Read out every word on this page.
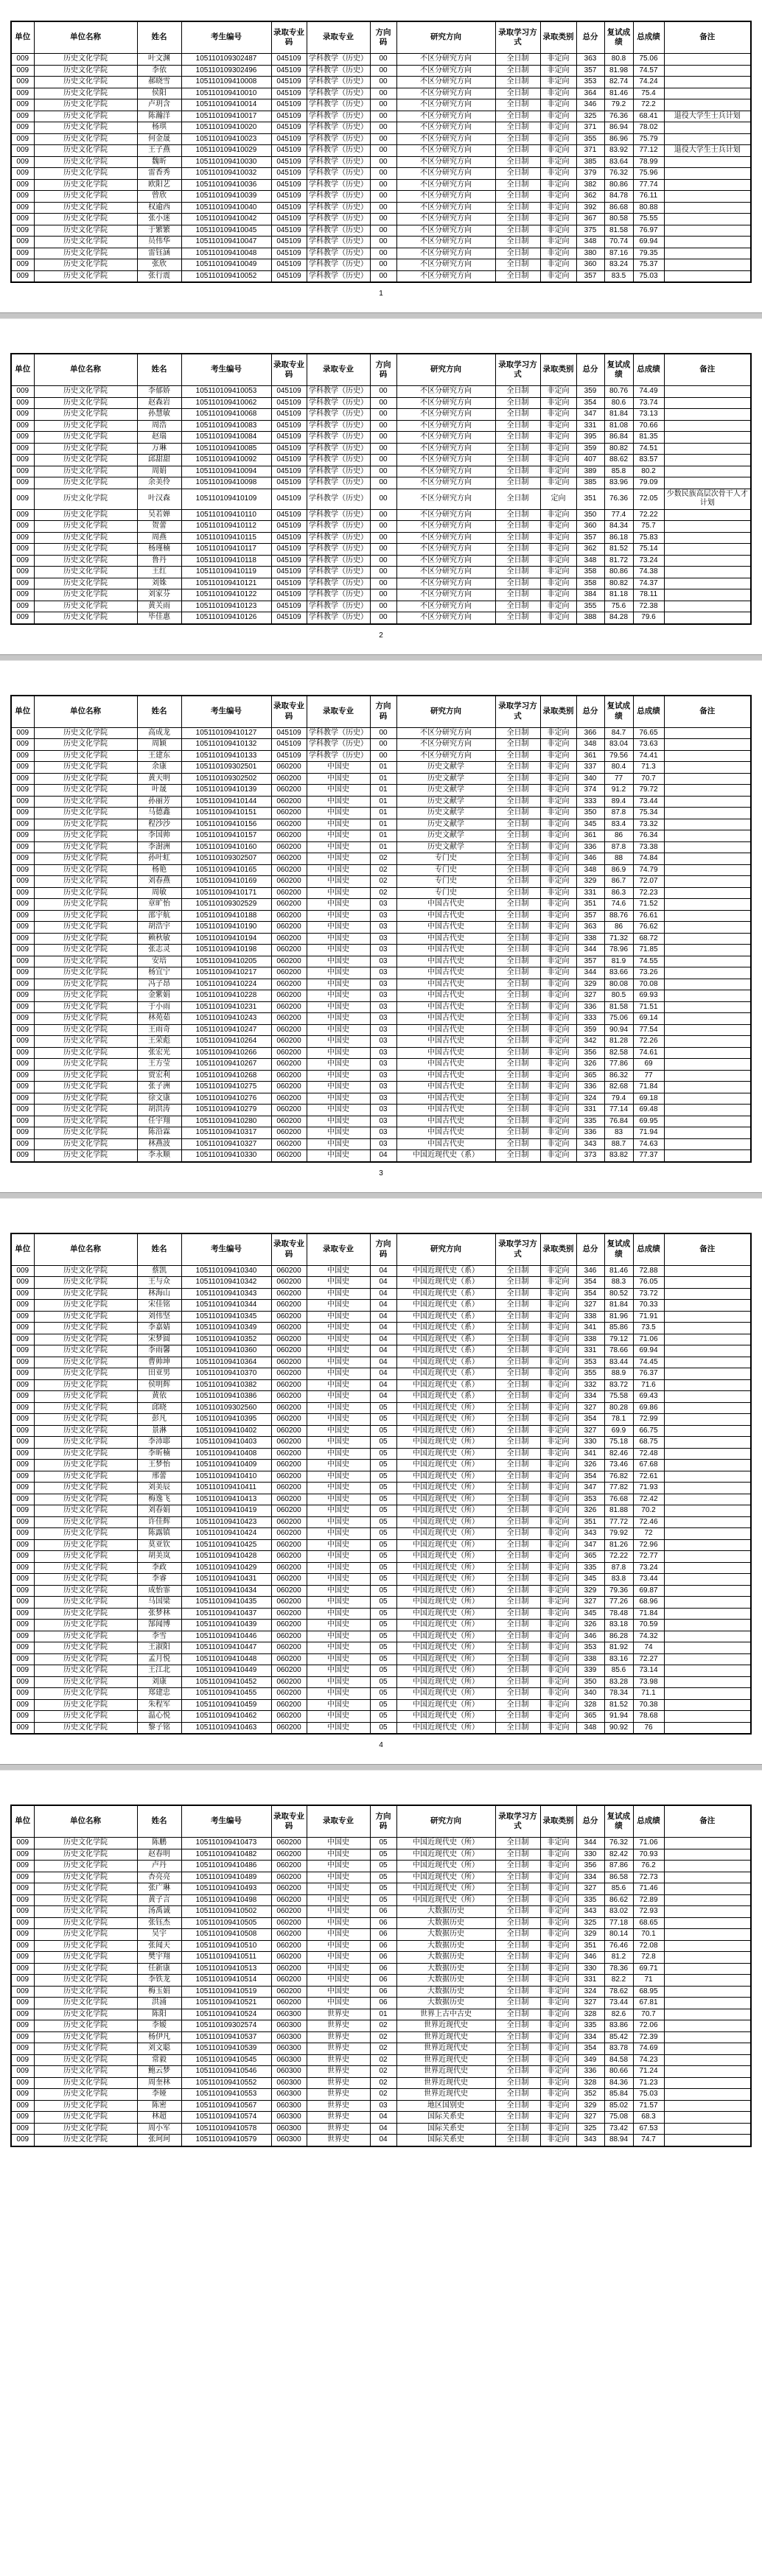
单位	单位名称	姓名	考生编号	录取专业码	录取专业	方向码	研究方向	录取学习方式	录取类别	总分	复试成绩	总成绩	备注
009	历史文化学院	叶文渊	105110109302487	045109	学科教学（历史）	00	不区分研究方向	全日制	非定向	363	80.8	75.06	
009	历史文化学院	李依	105110109302496	045109	学科教学（历史）	00	不区分研究方向	全日制	非定向	357	81.98	74.57	
009	历史文化学院	郝晓雪	105110109410008	045109	学科教学（历史）	00	不区分研究方向	全日制	非定向	353	82.74	74.24	
009	历史文化学院	侯阳	105110109410010	045109	学科教学（历史）	00	不区分研究方向	全日制	非定向	364	81.46	75.4	
009	历史文化学院	卢玥含	105110109410014	045109	学科教学（历史）	00	不区分研究方向	全日制	非定向	346	79.2	72.2	
009	历史文化学院	陈瀚洋	105110109410017	045109	学科教学（历史）	00	不区分研究方向	全日制	非定向	325	76.36	68.41	退役大学生士兵计划
009	历史文化学院	杨琪	105110109410020	045109	学科教学（历史）	00	不区分研究方向	全日制	非定向	371	86.94	78.02	
009	历史文化学院	何金晟	105110109410023	045109	学科教学（历史）	00	不区分研究方向	全日制	非定向	355	86.96	75.79	
009	历史文化学院	王子燕	105110109410029	045109	学科教学（历史）	00	不区分研究方向	全日制	非定向	371	83.92	77.12	退役大学生士兵计划
009	历史文化学院	魏昕	105110109410030	045109	学科教学（历史）	00	不区分研究方向	全日制	非定向	385	83.64	78.99	
009	历史文化学院	雷香秀	105110109410032	045109	学科教学（历史）	00	不区分研究方向	全日制	非定向	379	76.32	75.96	
009	历史文化学院	欧阳艺	105110109410036	045109	学科教学（历史）	00	不区分研究方向	全日制	非定向	382	80.86	77.74	
009	历史文化学院	曾欣	105110109410039	045109	学科教学（历史）	00	不区分研究方向	全日制	非定向	362	84.78	76.11	
009	历史文化学院	权逾西	105110109410040	045109	学科教学（历史）	00	不区分研究方向	全日制	非定向	392	86.68	80.88	
009	历史文化学院	张小迷	105110109410042	045109	学科教学（历史）	00	不区分研究方向	全日制	非定向	367	80.58	75.55	
009	历史文化学院	于繁繁	105110109410045	045109	学科教学（历史）	00	不区分研究方向	全日制	非定向	375	81.58	76.97	
009	历史文化学院	员伟华	105110109410047	045109	学科教学（历史）	00	不区分研究方向	全日制	非定向	348	70.74	69.94	
009	历史文化学院	雷钰涵	105110109410048	045109	学科教学（历史）	00	不区分研究方向	全日制	非定向	380	87.16	79.35	
009	历史文化学院	张欣	105110109410049	045109	学科教学（历史）	00	不区分研究方向	全日制	非定向	360	83.24	75.37	
009	历史文化学院	张行震	105110109410052	045109	学科教学（历史）	00	不区分研究方向	全日制	非定向	357	83.5	75.03	
1
单位	单位名称	姓名	考生编号	录取专业码	录取专业	方向码	研究方向	录取学习方式	录取类别	总分	复试成绩	总成绩	备注
009	历史文化学院	李郁娇	105110109410053	045109	学科教学（历史）	00	不区分研究方向	全日制	非定向	359	80.76	74.49	
009	历史文化学院	赵森岩	105110109410062	045109	学科教学（历史）	00	不区分研究方向	全日制	非定向	354	80.6	73.74	
009	历史文化学院	孙慧敏	105110109410068	045109	学科教学（历史）	00	不区分研究方向	全日制	非定向	347	81.84	73.13	
009	历史文化学院	周浩	105110109410083	045109	学科教学（历史）	00	不区分研究方向	全日制	非定向	331	81.08	70.66	
009	历史文化学院	赵瑞	105110109410084	045109	学科教学（历史）	00	不区分研究方向	全日制	非定向	395	86.84	81.35	
009	历史文化学院	万琳	105110109410085	045109	学科教学（历史）	00	不区分研究方向	全日制	非定向	359	80.82	74.51	
009	历史文化学院	邱甜甜	105110109410092	045109	学科教学（历史）	00	不区分研究方向	全日制	非定向	407	88.62	83.57	
009	历史文化学院	周娟	105110109410094	045109	学科教学（历史）	00	不区分研究方向	全日制	非定向	389	85.8	80.2	
009	历史文化学院	余美伶	105110109410098	045109	学科教学（历史）	00	不区分研究方向	全日制	非定向	385	83.96	79.09	
009	历史文化学院	叶汉森	105110109410109	045109	学科教学（历史）	00	不区分研究方向	全日制	定向	351	76.36	72.05	少数民族高层次骨干人才计划
009	历史文化学院	吴若婵	105110109410110	045109	学科教学（历史）	00	不区分研究方向	全日制	非定向	350	77.4	72.22	
009	历史文化学院	贺蕾	105110109410112	045109	学科教学（历史）	00	不区分研究方向	全日制	非定向	360	84.34	75.7	
009	历史文化学院	周燕	105110109410115	045109	学科教学（历史）	00	不区分研究方向	全日制	非定向	357	86.18	75.83	
009	历史文化学院	杨瑾楠	105110109410117	045109	学科教学（历史）	00	不区分研究方向	全日制	非定向	362	81.52	75.14	
009	历史文化学院	鲁丹	105110109410118	045109	学科教学（历史）	00	不区分研究方向	全日制	非定向	348	81.72	73.24	
009	历史文化学院	王红	105110109410119	045109	学科教学（历史）	00	不区分研究方向	全日制	非定向	358	80.86	74.38	
009	历史文化学院	刘姝	105110109410121	045109	学科教学（历史）	00	不区分研究方向	全日制	非定向	358	80.82	74.37	
009	历史文化学院	刘家芬	105110109410122	045109	学科教学（历史）	00	不区分研究方向	全日制	非定向	384	81.18	78.11	
009	历史文化学院	黄关雨	105110109410123	045109	学科教学（历史）	00	不区分研究方向	全日制	非定向	355	75.6	72.38	
009	历史文化学院	毕佳惠	105110109410126	045109	学科教学（历史）	00	不区分研究方向	全日制	非定向	388	84.28	79.6	
2
单位	单位名称	姓名	考生编号	录取专业码	录取专业	方向码	研究方向	录取学习方式	录取类别	总分	复试成绩	总成绩	备注
009	历史文化学院	高成龙	105110109410127	045109	学科教学（历史）	00	不区分研究方向	全日制	非定向	366	84.7	76.65	
009	历史文化学院	周颖	105110109410132	045109	学科教学（历史）	00	不区分研究方向	全日制	非定向	348	83.04	73.63	
009	历史文化学院	王建东	105110109410133	045109	学科教学（历史）	00	不区分研究方向	全日制	非定向	361	79.56	74.41	
009	历史文化学院	余康	105110109302501	060200	中国史	01	历史文献学	全日制	非定向	337	80.4	71.3	
009	历史文化学院	黄天明	105110109302502	060200	中国史	01	历史文献学	全日制	非定向	340	77	70.7	
009	历史文化学院	叶晟	105110109410139	060200	中国史	01	历史文献学	全日制	非定向	374	91.2	79.72	
009	历史文化学院	孙丽芳	105110109410144	060200	中国史	01	历史文献学	全日制	非定向	333	89.4	73.44	
009	历史文化学院	马德鑫	105110109410151	060200	中国史	01	历史文献学	全日制	非定向	350	87.8	75.34	
009	历史文化学院	程沙沙	105110109410156	060200	中国史	01	历史文献学	全日制	非定向	345	83.4	73.32	
009	历史文化学院	李国帅	105110109410157	060200	中国史	01	历史文献学	全日制	非定向	361	86	76.34	
009	历史文化学院	李澍洲	105110109410160	060200	中国史	01	历史文献学	全日制	非定向	336	87.8	73.38	
009	历史文化学院	孙叶虹	105110109302507	060200	中国史	02	专门史	全日制	非定向	346	88	74.84	
009	历史文化学院	杨艳	105110109410165	060200	中国史	02	专门史	全日制	非定向	348	86.9	74.79	
009	历史文化学院	刘春燕	105110109410169	060200	中国史	02	专门史	全日制	非定向	329	86.7	72.07	
009	历史文化学院	周敏	105110109410171	060200	中国史	02	专门史	全日制	非定向	331	86.3	72.23	
009	历史文化学院	章旷怡	105110109302529	060200	中国史	03	中国古代史	全日制	非定向	351	74.6	71.52	
009	历史文化学院	邵宇航	105110109410188	060200	中国史	03	中国古代史	全日制	非定向	357	88.76	76.61	
009	历史文化学院	胡浩宇	105110109410190	060200	中国史	03	中国古代史	全日制	非定向	363	86	76.62	
009	历史文化学院	赖秋敏	105110109410194	060200	中国史	03	中国古代史	全日制	非定向	338	71.32	68.72	
009	历史文化学院	张志灵	105110109410198	060200	中国史	03	中国古代史	全日制	非定向	344	78.96	71.85	
009	历史文化学院	安培	105110109410205	060200	中国史	03	中国古代史	全日制	非定向	357	81.9	74.55	
009	历史文化学院	杨宜宁	105110109410217	060200	中国史	03	中国古代史	全日制	非定向	344	83.66	73.26	
009	历史文化学院	冯子昂	105110109410224	060200	中国史	03	中国古代史	全日制	非定向	329	80.08	70.08	
009	历史文化学院	金紫娟	105110109410228	060200	中国史	03	中国古代史	全日制	非定向	327	80.5	69.93	
009	历史文化学院	于小雨	105110109410231	060200	中国史	03	中国古代史	全日制	非定向	336	81.58	71.51	
009	历史文化学院	林苑茹	105110109410243	060200	中国史	03	中国古代史	全日制	非定向	333	75.06	69.14	
009	历史文化学院	王雨奇	105110109410247	060200	中国史	03	中国古代史	全日制	非定向	359	90.94	77.54	
009	历史文化学院	王荣彪	105110109410264	060200	中国史	03	中国古代史	全日制	非定向	342	81.28	72.26	
009	历史文化学院	张宏光	105110109410266	060200	中国史	03	中国古代史	全日制	非定向	356	82.58	74.61	
009	历史文化学院	王方莹	105110109410267	060200	中国史	03	中国古代史	全日制	非定向	326	77.86	69	
009	历史文化学院	贾宏利	105110109410268	060200	中国史	03	中国古代史	全日制	非定向	365	86.32	77	
009	历史文化学院	张子洲	105110109410275	060200	中国史	03	中国古代史	全日制	非定向	336	82.68	71.84	
009	历史文化学院	徐文康	105110109410276	060200	中国史	03	中国古代史	全日制	非定向	324	79.4	69.18	
009	历史文化学院	胡洪涛	105110109410279	060200	中国史	03	中国古代史	全日制	非定向	331	77.14	69.48	
009	历史文化学院	任宇翔	105110109410280	060200	中国史	03	中国古代史	全日制	非定向	335	76.84	69.95	
009	历史文化学院	陈沿霖	105110109410317	060200	中国史	03	中国古代史	全日制	非定向	336	83	71.94	
009	历史文化学院	林燕波	105110109410327	060200	中国史	03	中国古代史	全日制	非定向	343	88.7	74.63	
009	历史文化学院	李永顺	105110109410330	060200	中国史	04	中国近现代史（系）	全日制	非定向	373	83.82	77.37	
3
单位	单位名称	姓名	考生编号	录取专业码	录取专业	方向码	研究方向	录取学习方式	录取类别	总分	复试成绩	总成绩	备注
009	历史文化学院	蔡凯	105110109410340	060200	中国史	04	中国近现代史（系）	全日制	非定向	346	81.46	72.88	
009	历史文化学院	王与众	105110109410342	060200	中国史	04	中国近现代史（系）	全日制	非定向	354	88.3	76.05	
009	历史文化学院	林海山	105110109410343	060200	中国史	04	中国近现代史（系）	全日制	非定向	354	80.52	73.72	
009	历史文化学院	宋佳铭	105110109410344	060200	中国史	04	中国近现代史（系）	全日制	非定向	327	81.84	70.33	
009	历史文化学院	刘伟坚	105110109410345	060200	中国史	04	中国近现代史（系）	全日制	非定向	338	81.96	71.91	
009	历史文化学院	李嘉婧	105110109410349	060200	中国史	04	中国近现代史（系）	全日制	非定向	341	85.86	73.5	
009	历史文化学院	宋梦圆	105110109410352	060200	中国史	04	中国近现代史（系）	全日制	非定向	338	79.12	71.06	
009	历史文化学院	李雨馨	105110109410360	060200	中国史	04	中国近现代史（系）	全日制	非定向	331	78.66	69.94	
009	历史文化学院	曹帅坤	105110109410364	060200	中国史	04	中国近现代史（系）	全日制	非定向	353	83.44	74.45	
009	历史文化学院	田亚男	105110109410370	060200	中国史	04	中国近现代史（系）	全日制	非定向	355	88.9	76.37	
009	历史文化学院	侯明辉	105110109410382	060200	中国史	04	中国近现代史（系）	全日制	非定向	332	83.72	71.6	
009	历史文化学院	黄依	105110109410386	060200	中国史	04	中国近现代史（系）	全日制	非定向	334	75.58	69.43	
009	历史文化学院	邱晓	105110109302560	060200	中国史	05	中国近现代史（所）	全日制	非定向	327	80.28	69.86	
009	历史文化学院	彭凡	105110109410395	060200	中国史	05	中国近现代史（所）	全日制	非定向	354	78.1	72.99	
009	历史文化学院	景淋	105110109410402	060200	中国史	05	中国近现代史（所）	全日制	非定向	327	69.9	66.75	
009	历史文化学院	李沛耶	105110109410403	060200	中国史	05	中国近现代史（所）	全日制	非定向	330	75.18	68.75	
009	历史文化学院	李昕楠	105110109410408	060200	中国史	05	中国近现代史（所）	全日制	非定向	341	82.46	72.48	
009	历史文化学院	王梦怡	105110109410409	060200	中国史	05	中国近现代史（所）	全日制	非定向	326	73.46	67.68	
009	历史文化学院	邢蕾	105110109410410	060200	中国史	05	中国近现代史（所）	全日制	非定向	354	76.82	72.61	
009	历史文化学院	刘美辰	105110109410411	060200	中国史	05	中国近现代史（所）	全日制	非定向	347	77.82	71.93	
009	历史文化学院	梅逸飞	105110109410413	060200	中国史	05	中国近现代史（所）	全日制	非定向	353	76.68	72.42	
009	历史文化学院	刘春娟	105110109410419	060200	中国史	05	中国近现代史（所）	全日制	非定向	326	81.88	70.2	
009	历史文化学院	许佳辉	105110109410423	060200	中国史	05	中国近现代史（所）	全日制	非定向	351	77.72	72.46	
009	历史文化学院	陈露镇	105110109410424	060200	中国史	05	中国近现代史（所）	全日制	非定向	343	79.92	72	
009	历史文化学院	莫亚钦	105110109410425	060200	中国史	05	中国近现代史（所）	全日制	非定向	347	81.26	72.96	
009	历史文化学院	胡美岚	105110109410428	060200	中国史	05	中国近现代史（所）	全日制	非定向	365	72.22	72.77	
009	历史文化学院	李政	105110109410429	060200	中国史	05	中国近现代史（所）	全日制	非定向	335	87.8	73.24	
009	历史文化学院	李睿	105110109410431	060200	中国史	05	中国近现代史（所）	全日制	非定向	345	83.8	73.44	
009	历史文化学院	成怡霏	105110109410434	060200	中国史	05	中国近现代史（所）	全日制	非定向	329	79.36	69.87	
009	历史文化学院	马国梁	105110109410435	060200	中国史	05	中国近现代史（所）	全日制	非定向	327	77.26	68.96	
009	历史文化学院	张梦林	105110109410437	060200	中国史	05	中国近现代史（所）	全日制	非定向	345	78.48	71.84	
009	历史文化学院	郜闻博	105110109410439	060200	中国史	05	中国近现代史（所）	全日制	非定向	326	83.18	70.59	
009	历史文化学院	李雪	105110109410446	060200	中国史	05	中国近现代史（所）	全日制	非定向	346	86.28	74.32	
009	历史文化学院	王淑阳	105110109410447	060200	中国史	05	中国近现代史（所）	全日制	非定向	353	81.92	74	
009	历史文化学院	孟月悦	105110109410448	060200	中国史	05	中国近现代史（所）	全日制	非定向	338	83.16	72.27	
009	历史文化学院	王江北	105110109410449	060200	中国史	05	中国近现代史（所）	全日制	非定向	339	85.6	73.14	
009	历史文化学院	刘康	105110109410452	060200	中国史	05	中国近现代史（所）	全日制	非定向	350	83.28	73.98	
009	历史文化学院	郑建忠	105110109410455	060200	中国史	05	中国近现代史（所）	全日制	非定向	340	78.34	71.1	
009	历史文化学院	朱程军	105110109410459	060200	中国史	05	中国近现代史（所）	全日制	非定向	328	81.52	70.38	
009	历史文化学院	温心悦	105110109410462	060200	中国史	05	中国近现代史（所）	全日制	非定向	365	91.94	78.68	
009	历史文化学院	黎子铭	105110109410463	060200	中国史	05	中国近现代史（所）	全日制	非定向	348	90.92	76	
4
单位	单位名称	姓名	考生编号	录取专业码	录取专业	方向码	研究方向	录取学习方式	录取类别	总分	复试成绩	总成绩	备注
009	历史文化学院	陈鹏	105110109410473	060200	中国史	05	中国近现代史（所）	全日制	非定向	344	76.32	71.06	
009	历史文化学院	赵春明	105110109410482	060200	中国史	05	中国近现代史（所）	全日制	非定向	330	82.42	70.93	
009	历史文化学院	卢丹	105110109410486	060200	中国史	05	中国近现代史（所）	全日制	非定向	356	87.86	76.2	
009	历史文化学院	杏亮亮	105110109410489	060200	中国史	05	中国近现代史（所）	全日制	非定向	334	86.58	72.73	
009	历史文化学院	张广琳	105110109410493	060200	中国史	05	中国近现代史（所）	全日制	非定向	327	85.6	71.46	
009	历史文化学院	黄子言	105110109410498	060200	中国史	05	中国近现代史（所）	全日制	非定向	335	86.62	72.89	
009	历史文化学院	汤禹诚	105110109410502	060200	中国史	06	大数据历史	全日制	非定向	343	83.02	72.93	
009	历史文化学院	张钰杰	105110109410505	060200	中国史	06	大数据历史	全日制	非定向	325	77.18	68.65	
009	历史文化学院	吴宇	105110109410508	060200	中国史	06	大数据历史	全日制	非定向	329	80.14	70.1	
009	历史文化学院	张闻天	105110109410510	060200	中国史	06	大数据历史	全日制	非定向	351	76.46	72.08	
009	历史文化学院	樊宇翔	105110109410511	060200	中国史	06	大数据历史	全日制	非定向	346	81.2	72.8	
009	历史文化学院	任新康	105110109410513	060200	中国史	06	大数据历史	全日制	非定向	330	78.36	69.71	
009	历史文化学院	李铁龙	105110109410514	060200	中国史	06	大数据历史	全日制	非定向	331	82.2	71	
009	历史文化学院	梅玉娟	105110109410519	060200	中国史	06	大数据历史	全日制	非定向	324	78.62	68.95	
009	历史文化学院	洪涌	105110109410521	060200	中国史	06	大数据历史	全日制	非定向	327	73.44	67.81	
009	历史文化学院	陈阳	105110109410524	060300	世界史	01	世界上古中古史	全日制	非定向	328	82.6	70.7	
009	历史文化学院	李嫒	105110109302574	060300	世界史	02	世界近现代史	全日制	非定向	335	83.86	72.06	
009	历史文化学院	杨伊凡	105110109410537	060300	世界史	02	世界近现代史	全日制	非定向	334	85.42	72.39	
009	历史文化学院	刘文聪	105110109410539	060300	世界史	02	世界近现代史	全日制	非定向	354	83.78	74.69	
009	历史文化学院	常毅	105110109410545	060300	世界史	02	世界近现代史	全日制	非定向	349	84.58	74.23	
009	历史文化学院	鲍云梦	105110109410546	060300	世界史	02	世界近现代史	全日制	非定向	336	80.66	71.24	
009	历史文化学院	周奎林	105110109410552	060300	世界史	02	世界近现代史	全日制	非定向	328	84.36	71.23	
009	历史文化学院	李娅	105110109410553	060300	世界史	02	世界近现代史	全日制	非定向	352	85.84	75.03	
009	历史文化学院	陈密	105110109410567	060300	世界史	03	地区国别史	全日制	非定向	329	85.02	71.57	
009	历史文化学院	林超	105110109410574	060300	世界史	04	国际关系史	全日制	非定向	327	75.08	68.3	
009	历史文化学院	周小军	105110109410578	060300	世界史	04	国际关系史	全日制	非定向	325	73.42	67.53	
009	历史文化学院	张珂珂	105110109410579	060300	世界史	04	国际关系史	全日制	非定向	343	88.94	74.7	
